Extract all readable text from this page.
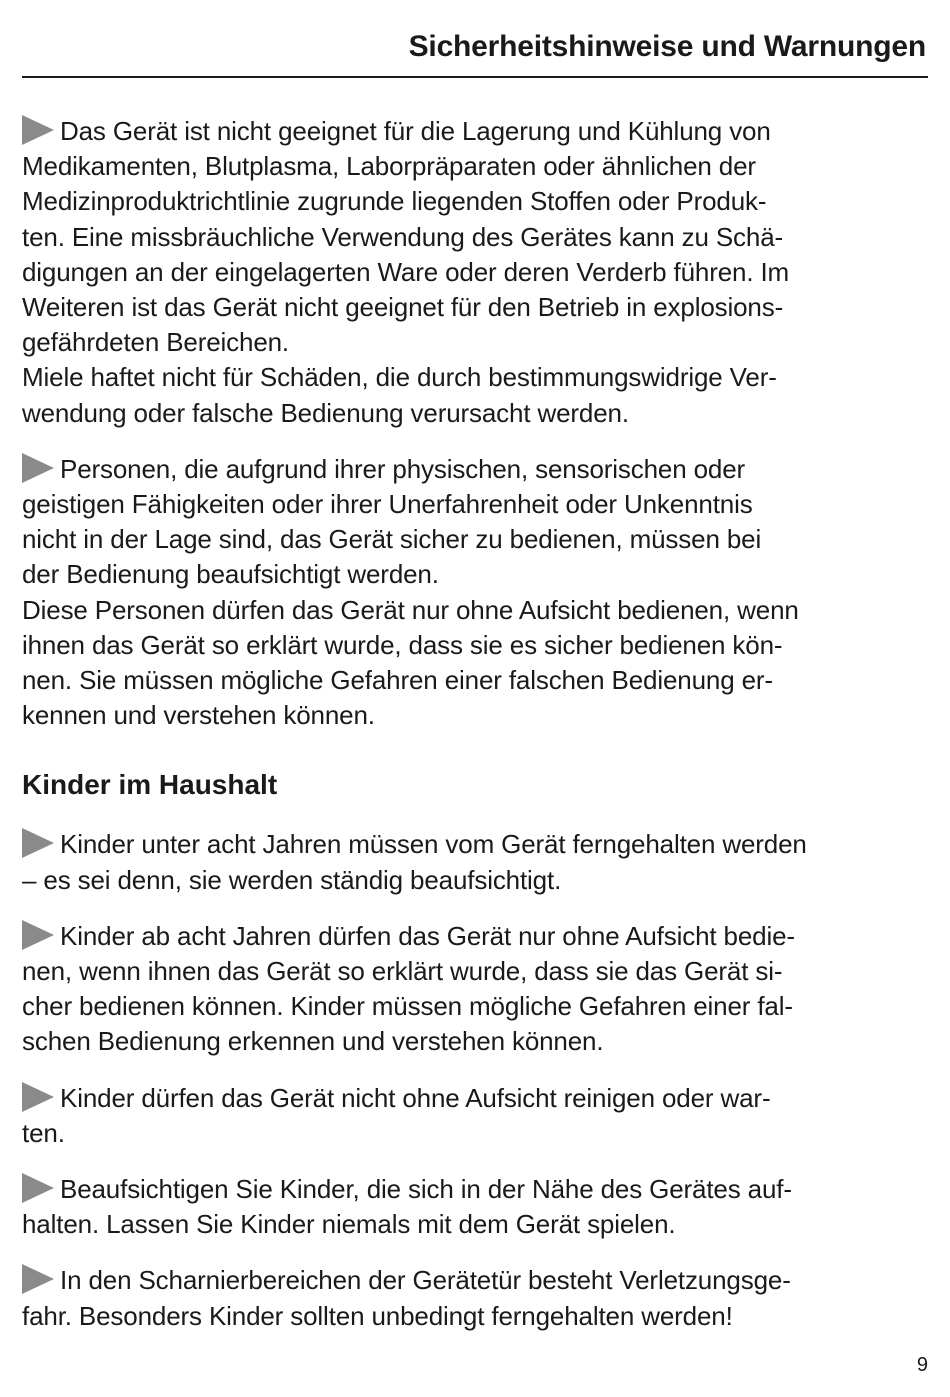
Sicherheitshinweise und Warnungen
Das Gerät ist nicht geeignet für die Lagerung und Kühlung von
Medikamenten, Blutplasma, Laborpräparaten oder ähnlichen der
Medizinproduktrichtlinie zugrunde liegenden Stoffen oder Produk-
ten. Eine missbräuchliche Verwendung des Gerätes kann zu Schä-
digungen an der eingelagerten Ware oder deren Verderb führen. Im
Weiteren ist das Gerät nicht geeignet für den Betrieb in explosions-
gefährdeten Bereichen.
Miele haftet nicht für Schäden, die durch bestimmungswidrige Ver-
wendung oder falsche Bedienung verursacht werden.
Personen, die aufgrund ihrer physischen, sensorischen oder
geistigen Fähigkeiten oder ihrer Unerfahrenheit oder Unkenntnis
nicht in der Lage sind, das Gerät sicher zu bedienen, müssen bei
der Bedienung beaufsichtigt werden.
Diese Personen dürfen das Gerät nur ohne Aufsicht bedienen, wenn
ihnen das Gerät so erklärt wurde, dass sie es sicher bedienen kön-
nen. Sie müssen mögliche Gefahren einer falschen Bedienung er-
kennen und verstehen können.
Kinder im Haushalt
Kinder unter acht Jahren müssen vom Gerät ferngehalten werden
– es sei denn, sie werden ständig beaufsichtigt.
Kinder ab acht Jahren dürfen das Gerät nur ohne Aufsicht bedie-
nen, wenn ihnen das Gerät so erklärt wurde, dass sie das Gerät si-
cher bedienen können. Kinder müssen mögliche Gefahren einer fal-
schen Bedienung erkennen und verstehen können.
Kinder dürfen das Gerät nicht ohne Aufsicht reinigen oder war-
ten.
Beaufsichtigen Sie Kinder, die sich in der Nähe des Gerätes auf-
halten. Lassen Sie Kinder niemals mit dem Gerät spielen.
In den Scharnierbereichen der Gerätetür besteht Verletzungsge-
fahr. Besonders Kinder sollten unbedingt ferngehalten werden!
9
